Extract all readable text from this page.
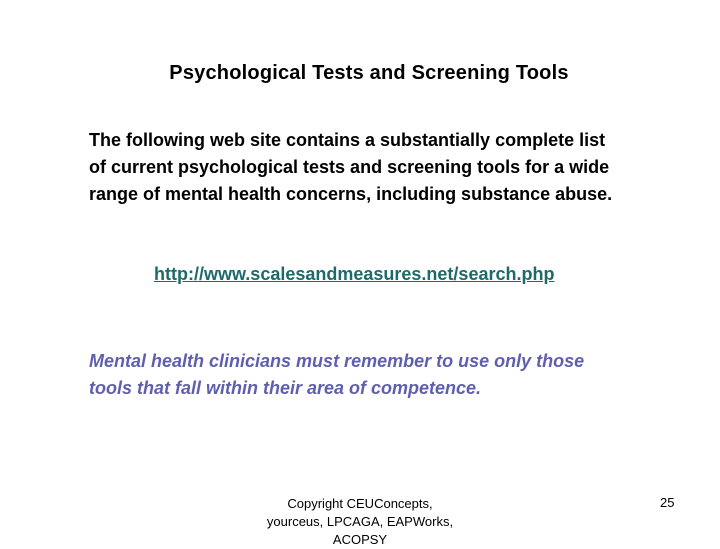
Psychological Tests and Screening Tools
The following web site contains a substantially complete list
of current psychological tests and screening tools for a wide
range of mental health concerns, including substance abuse.
http://www.scalesandmeasures.net/search.php
Mental health clinicians must remember to use only those
tools that fall within their area of competence.
Copyright CEUConcepts,
yourceus, LPCAGA, EAPWorks,
ACOPSY
25
